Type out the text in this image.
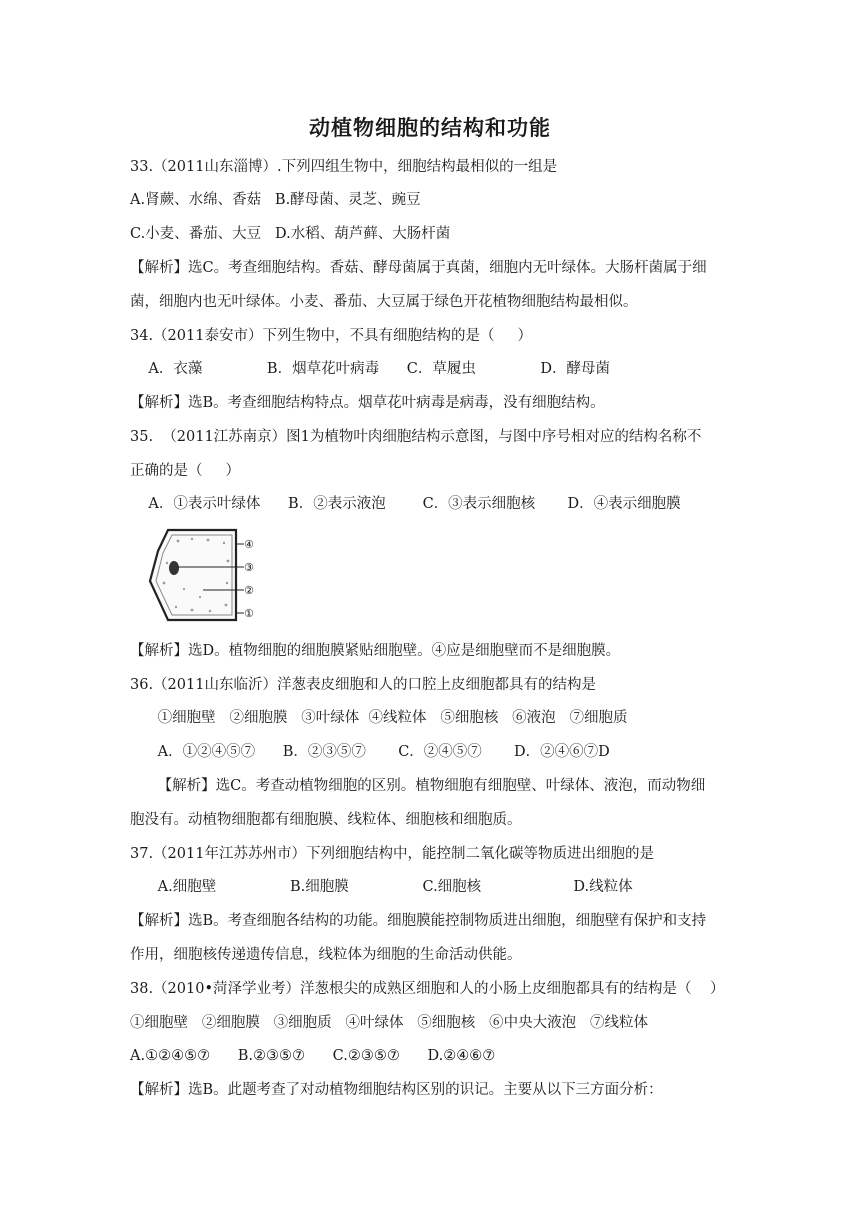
动植物细胞的结构和功能
33.（2011山东淄博）.下列四组生物中，细胞结构最相似的一组是
A.肾蕨、水绵、香菇   B.酵母菌、灵芝、豌豆
C.小麦、番茄、大豆   D.水稻、葫芦藓、大肠杆菌
【解析】选C。考查细胞结构。香菇、酵母菌属于真菌，细胞内无叶绿体。大肠杆菌属于细
菌，细胞内也无叶绿体。小麦、番茄、大豆属于绿色开花植物细胞结构最相似。
34.（2011泰安市）下列生物中，不具有细胞结构的是（     ）
A．衣藻              B．烟草花叶病毒      C．草履虫              D．酵母菌
【解析】选B。考查细胞结构特点。烟草花叶病毒是病毒，没有细胞结构。
35.  （2011江苏南京）图1为植物叶肉细胞结构示意图，与图中序号相对应的结构名称不
正确的是（     ）
A．①表示叶绿体      B．②表示液泡        C．③表示细胞核       D．④表示细胞膜
④
③
②
①
【解析】选D。植物细胞的细胞膜紧贴细胞壁。④应是细胞壁而不是细胞膜。
36.（2011山东临沂）洋葱表皮细胞和人的口腔上皮细胞都具有的结构是
①细胞壁   ②细胞膜   ③叶绿体  ④线粒体   ⑤细胞核   ⑥液泡   ⑦细胞质
A．①②④⑤⑦      B．②③⑤⑦       C．②④⑤⑦       D．②④⑥⑦D
【解析】选C。考查动植物细胞的区别。植物细胞有细胞壁、叶绿体、液泡，而动物细
胞没有。动植物细胞都有细胞膜、线粒体、细胞核和细胞质。
37.（2011年江苏苏州市）下列细胞结构中，能控制二氧化碳等物质进出细胞的是
A.细胞壁                B.细胞膜                C.细胞核                    D.线粒体
【解析】选B。考查细胞各结构的功能。细胞膜能控制物质进出细胞，细胞壁有保护和支持
作用，细胞核传递遗传信息，线粒体为细胞的生命活动供能。
38.（2010•菏泽学业考）洋葱根尖的成熟区细胞和人的小肠上皮细胞都具有的结构是（    ）
①细胞壁   ②细胞膜   ③细胞质   ④叶绿体   ⑤细胞核   ⑥中央大液泡   ⑦线粒体
A.①②④⑤⑦      B.②③⑤⑦      C.②③⑤⑦      D.②④⑥⑦
【解析】选B。此题考查了对动植物细胞结构区别的识记。主要从以下三方面分析：
